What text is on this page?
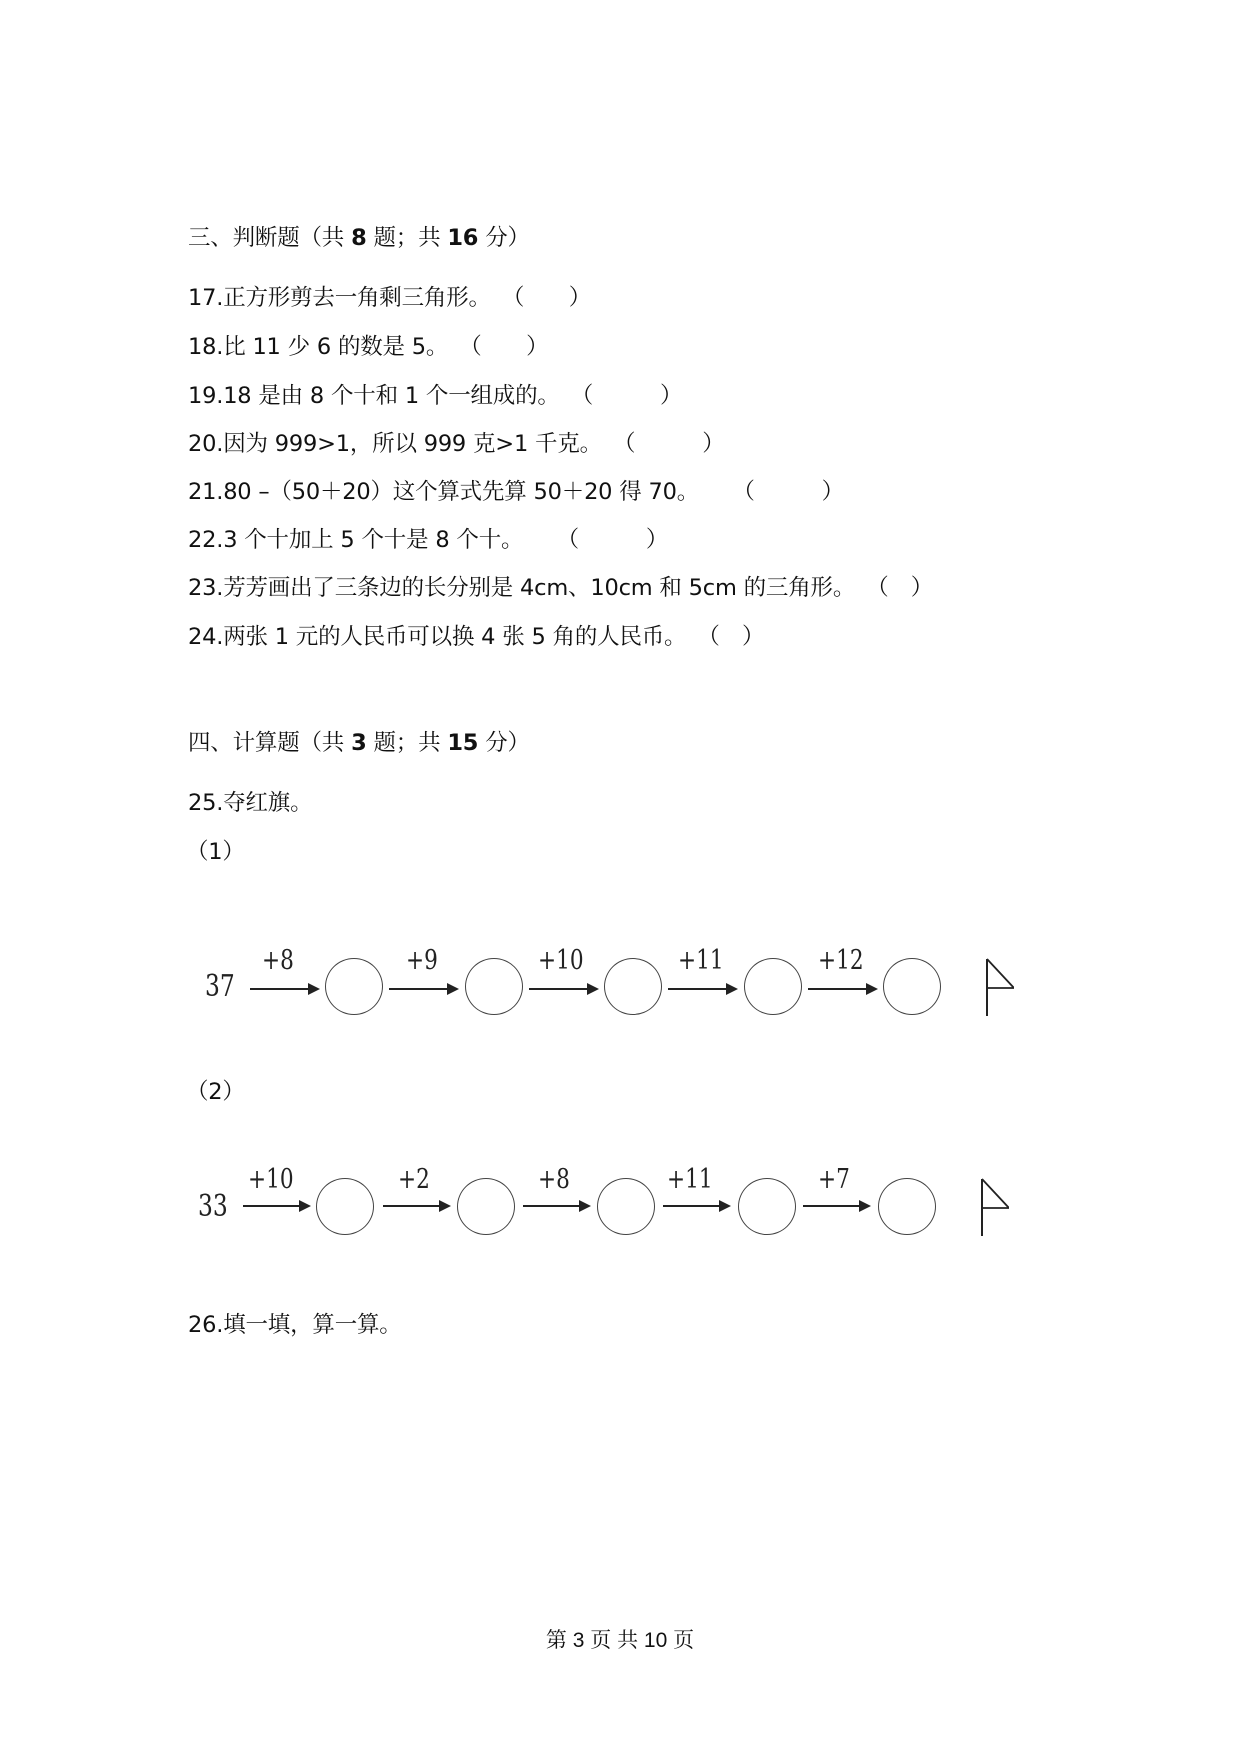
三、判断题（共 8 题；共 16 分）
17.正方形剪去一角剩三角形。　 （　　）
18.比 11 少 6 的数是 5。　 （　　）
19.18 是由 8 个十和 1 个一组成的。　 （　　　）
20.因为 999>1，所以 999 克>1 千克。　 （　　　）
21.80 –（50＋20）这个算式先算 50＋20 得 70。　　 （　　　）
22.3 个十加上 5 个十是 8 个十。　　 （　　　）
23.芳芳画出了三条边的长分别是 4cm、10cm 和 5cm 的三角形。　 （　）
24.两张 1 元的人民币可以换 4 张 5 角的人民币。　 （　）
四、计算题（共 3 题；共 15 分）
25.夺红旗。
（1）
37
+8	+9	+10	+11	+12
（2）
33
+10	+2	+8	+11	+7
26.填一填，算一算。
第 3 页 共 10 页
